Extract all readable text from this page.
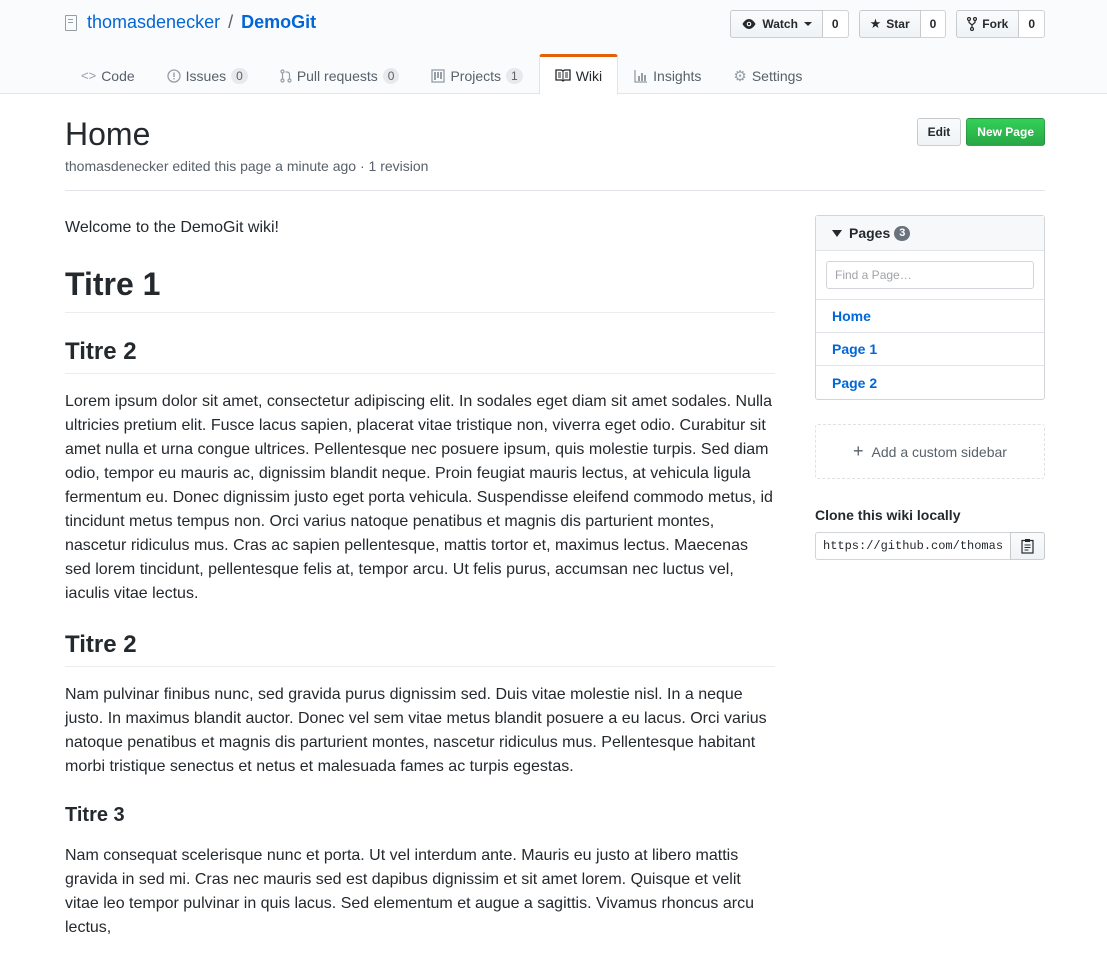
thomasdenecker / DemoGit	Watch	0	★ Star	0	Fork	0
<> Code	Issues 0	Pull requests 0	Projects 1	Wiki	Insights ⚙ Settings
Home
thomasdenecker edited this page a minute ago · 1 revision
Edit	New Page

Welcome to the DemoGit wiki!

Titre 1
Titre 2

Lorem ipsum dolor sit amet, consectetur adipiscing elit. In sodales eget diam sit amet sodales. Nulla ultricies pretium elit. Fusce lacus sapien, placerat vitae tristique non, viverra eget odio. Curabitur sit amet nulla et urna congue ultrices. Pellentesque nec posuere ipsum, quis molestie turpis. Sed diam odio, tempor eu mauris ac, dignissim blandit neque. Proin feugiat mauris lectus, at vehicula ligula fermentum eu. Donec dignissim justo eget porta vehicula. Suspendisse eleifend commodo metus, id tincidunt metus tempus non. Orci varius natoque penatibus et magnis dis parturient montes, nascetur ridiculus mus. Cras ac sapien pellentesque, mattis tortor et, maximus lectus. Maecenas sed lorem tincidunt, pellentesque felis at, tempor arcu. Ut felis purus, accumsan nec luctus vel, iaculis vitae lectus.

Titre 2

Nam pulvinar finibus nunc, sed gravida purus dignissim sed. Duis vitae molestie nisl. In a neque justo. In maximus blandit auctor. Donec vel sem vitae metus blandit posuere a eu lacus. Orci varius natoque penatibus et magnis dis parturient montes, nascetur ridiculus mus. Pellentesque habitant morbi tristique senectus et netus et malesuada fames ac turpis egestas.

Titre 3

Nam consequat scelerisque nunc et porta. Ut vel interdum ante. Mauris eu justo at libero mattis gravida in sed mi. Cras nec mauris sed est dapibus dignissim et sit amet lorem. Quisque et velit vitae leo tempor pulvinar in quis lacus. Sed elementum et augue a sagittis. Vivamus rhoncus arcu lectus,

Pages 3
Find a Page…
Home
Page 1
Page 2
+ Add a custom sidebar
Clone this wiki locally
https://github.com/thomasde
